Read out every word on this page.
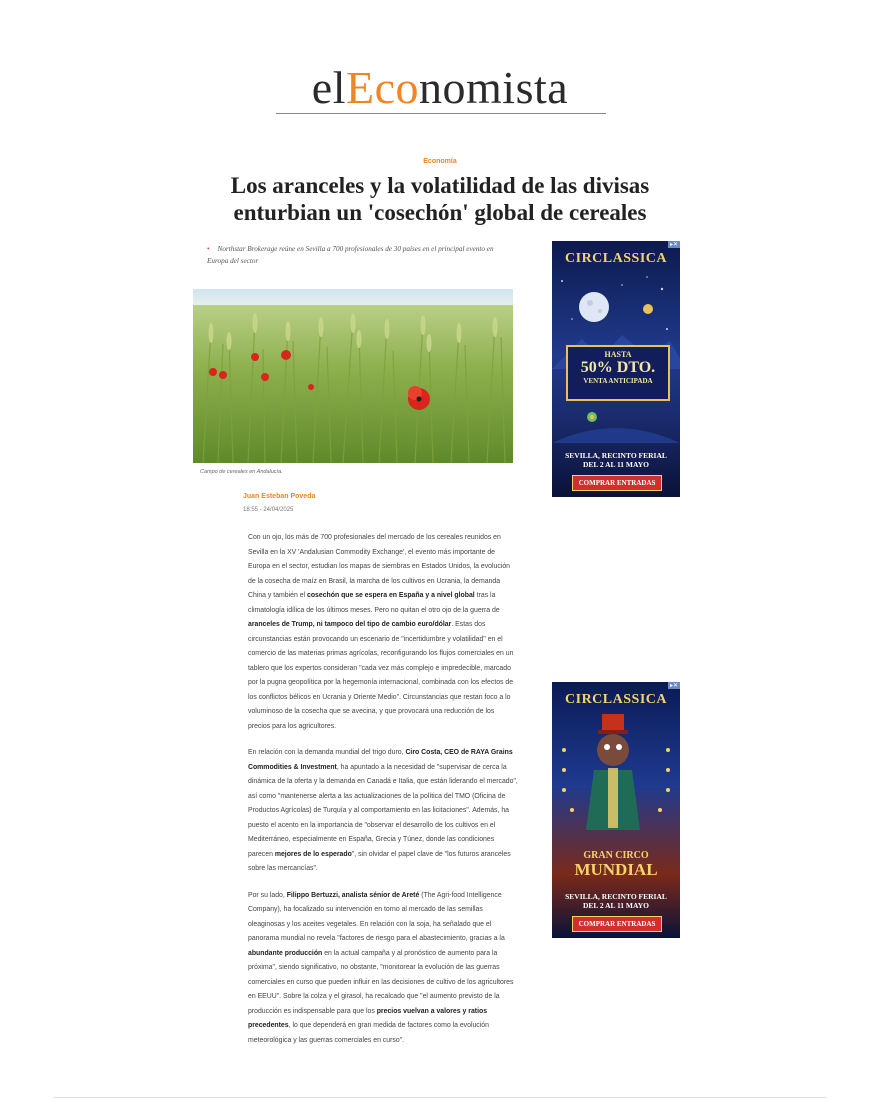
elEconomista
Economía
Los aranceles y la volatilidad de las divisas enturbian un 'cosechón' global de cereales
• Northstar Brokerage reúne en Sevilla a 700 profesionales de 30 países en el principal evento en Europa del sector
Campo de cereales en Andalucía.
Juan Esteban Poveda
18:55 - 24/04/2025

Con un ojo, los más de 700 profesionales del mercado de los cereales reunidos en Sevilla en la XV 'Andalusian Commodity Exchange', el evento más importante de Europa en el sector, estudian los mapas de siembras en Estados Unidos, la evolución de la cosecha de maíz en Brasil, la marcha de los cultivos en Ucrania, la demanda China y también el cosechón que se espera en España y a nivel global tras la climatología idílica de los últimos meses. Pero no quitan el otro ojo de la guerra de aranceles de Trump, ni tampoco del tipo de cambio euro/dólar. Estas dos circunstancias están provocando un escenario de "incertidumbre y volatilidad" en el comercio de las materias primas agrícolas, reconfigurando los flujos comerciales en un tablero que los expertos consideran "cada vez más complejo e impredecible, marcado por la pugna geopolítica por la hegemonía internacional, combinada con los efectos de los conflictos bélicos en Ucrania y Oriente Medio". Circunstancias que restan foco a lo voluminoso de la cosecha que se avecina, y que provocará una reducción de los precios para los agricultores.

En relación con la demanda mundial del trigo duro, Ciro Costa, CEO de RAYA Grains Commodities & Investment, ha apuntado a la necesidad de "supervisar de cerca la dinámica de la oferta y la demanda en Canadá e Italia, que están liderando el mercado", así como "mantenerse alerta a las actualizaciones de la política del TMO (Oficina de Productos Agrícolas) de Turquía y al comportamiento en las licitaciones". Además, ha puesto el acento en la importancia de "observar el desarrollo de los cultivos en el Mediterráneo, especialmente en España, Grecia y Túnez, donde las condiciones parecen mejores de lo esperado", sin olvidar el papel clave de "los futuros aranceles sobre las mercancías".

Por su lado, Filippo Bertuzzi, analista sénior de Areté (The Agri-food Intelligence Company), ha focalizado su intervención en torno al mercado de las semillas oleaginosas y los aceites vegetales. En relación con la soja, ha señalado que el panorama mundial no revela "factores de riesgo para el abastecimiento, gracias a la abundante producción en la actual campaña y al pronóstico de aumento para la próxima", siendo significativo, no obstante, "monitorear la evolución de las guerras comerciales en curso que pueden influir en las decisiones de cultivo de los agricultores en EEUU". Sobre la colza y el girasol, ha recalcado que "el aumento previsto de la producción es indispensable para que los precios vuelvan a valores y ratios precedentes, lo que dependerá en gran medida de factores como la evolución meteorológica y las guerras comerciales en curso".

▸✕
CIRCLASSICA
HASTA
50% DTO.
VENTA ANTICIPADA
SEVILLA, RECINTO FERIAL
DEL 2 AL 11 MAYO
COMPRAR ENTRADAS
▸✕
CIRCLASSICA
GRAN CIRCO
MUNDIAL
SEVILLA, RECINTO FERIAL
DEL 2 AL 11 MAYO
COMPRAR ENTRADAS
